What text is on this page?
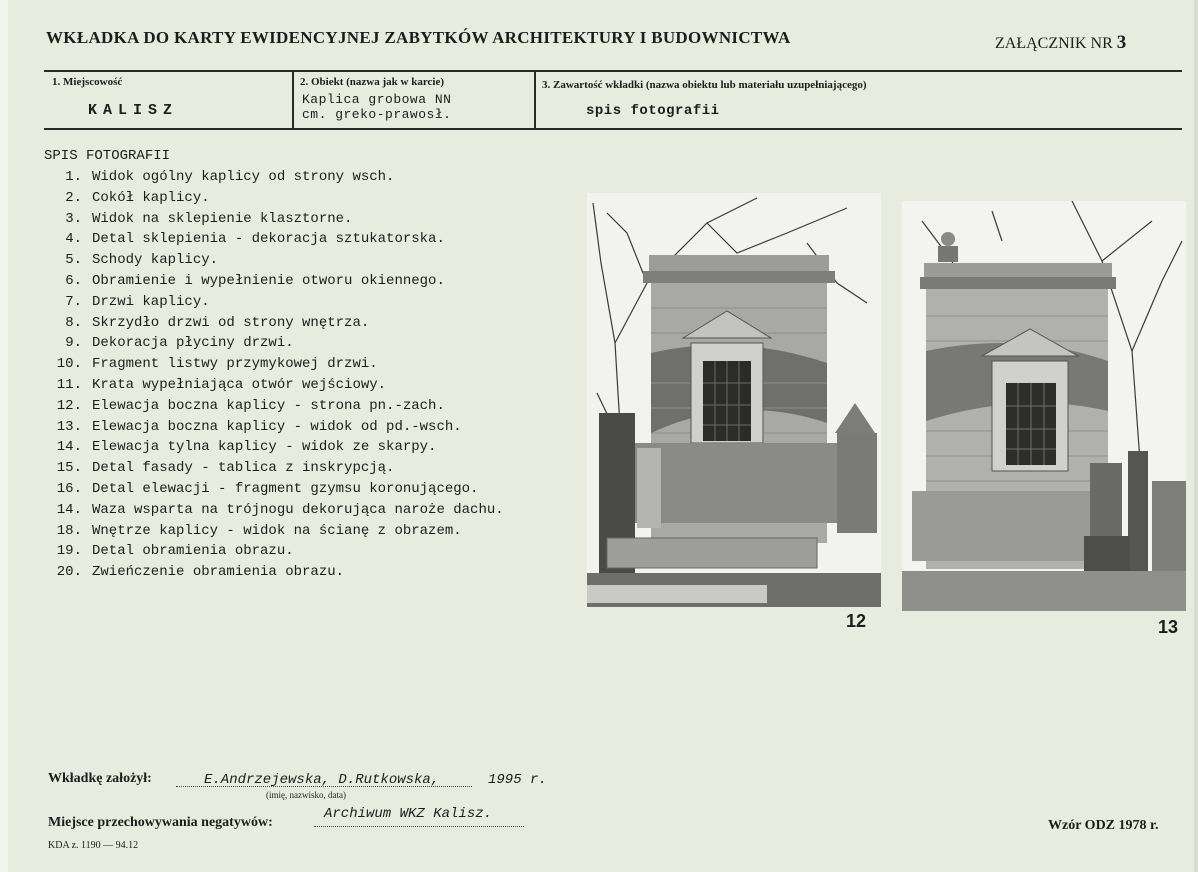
WKŁADKA DO KARTY EWIDENCYJNEJ ZABYTKÓW ARCHITEKTURY I BUDOWNICTWA	ZAŁĄCZNIK NR 3
1. Miejscowość
KALISZ
2. Obiekt (nazwa jak w karcie)
Kaplica grobowa NN
cm. greko-prawosł.
3. Zawartość wkładki (nazwa obiektu lub materiału uzupełniającego)
spis fotografii
SPIS FOTOGRAFII
1. Widok ogólny kaplicy od strony wsch.
2. Cokół kaplicy.
3. Widok na sklepienie klasztorne.
4. Detal sklepienia - dekoracja sztukatorska.
5. Schody kaplicy.
6. Obramienie i wypełnienie otworu okiennego.
7. Drzwi kaplicy.
8. Skrzydło drzwi od strony wnętrza.
9. Dekoracja płyciny drzwi.
10. Fragment listwy przymykowej drzwi.
11. Krata wypełniająca otwór wejściowy.
12. Elewacja boczna kaplicy - strona pn.-zach.
13. Elewacja boczna kaplicy - widok od pd.-wsch.
14. Elewacja tylna kaplicy - widok ze skarpy.
15. Detal fasady - tablica z inskrypcją.
16. Detal elewacji - fragment gzymsu koronującego.
14. Waza wsparta na trójnogu dekorująca naroże dachu.
18. Wnętrze kaplicy - widok na ścianę z obrazem.
19. Detal obramienia obrazu.
20. Zwieńczenie obramienia obrazu.
12	13
Wkładkę założył:	E.Andrzejewska, D.Rutkowska,	1995 r.
(imię, nazwisko, data)
Miejsce przechowywania negatywów:
Archiwum WKZ Kalisz.
KDA z. 1190 — 94.12
Wzór ODZ 1978 r.
